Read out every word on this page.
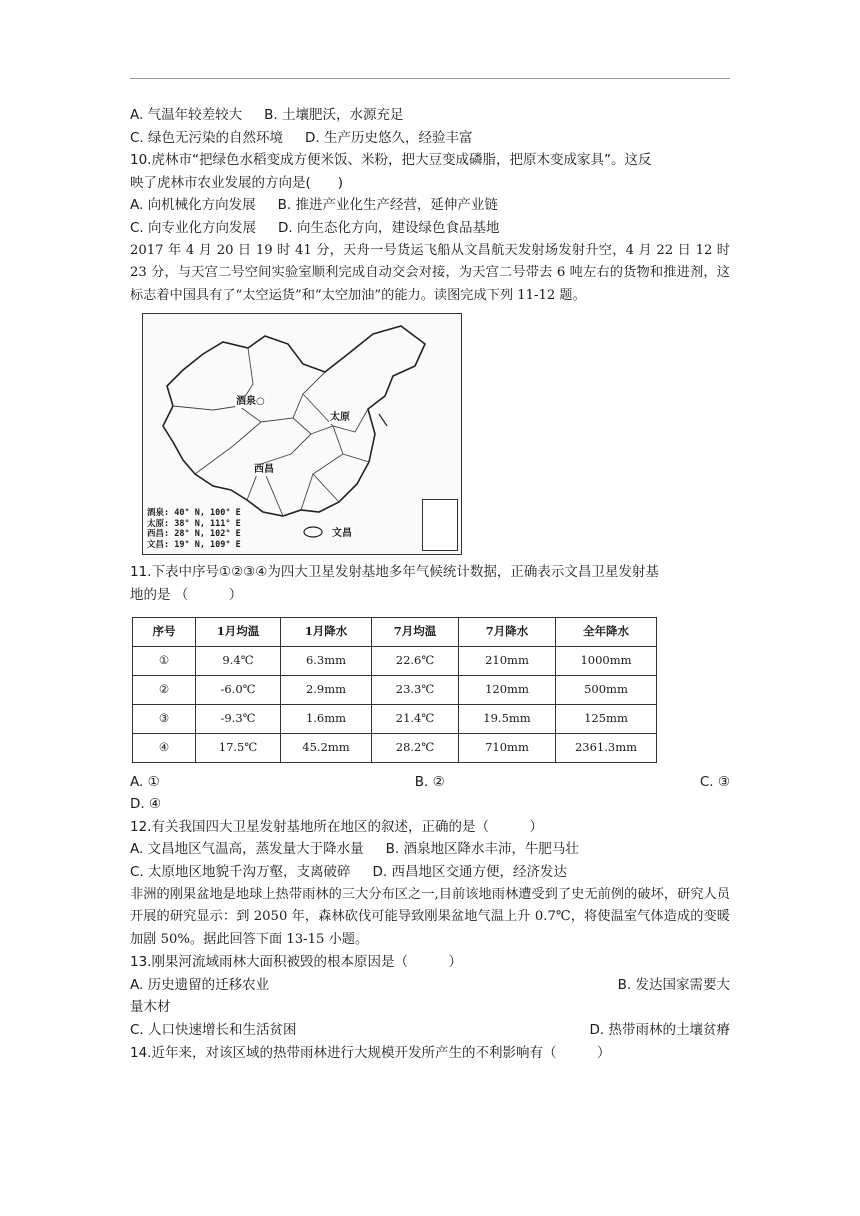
A. 气温年较差较大 B. 土壤肥沃，水源充足
C. 绿色无污染的自然环境 D. 生产历史悠久，经验丰富
10.虎林市“把绿色水稻变成方便米饭、米粉，把大豆变成磷脂，把原木变成家具”。这反
映了虎林市农业发展的方向是(　　)
A. 向机械化方向发展 B. 推进产业化生产经营，延伸产业链
C. 向专业化方向发展 D. 向生态化方向，建设绿色食品基地
2017 年 4 月 20 日 19 时 41 分，天舟一号货运飞船从文昌航天发射场发射升空，4 月 22 日 12 时 23 分，与天宫二号空间实验室顺利完成自动交会对接，为天宫二号带去 6 吨左右的货物和推进剂，这标志着中国具有了“太空运货”和“太空加油”的能力。读图完成下列 11-12 题。
酒泉○
太原
西昌
文昌
酒泉: 40° N, 100° E
太原: 38° N, 111° E
西昌: 28° N, 102° E
文昌: 19° N, 109° E
11.下表中序号①②③④为四大卫星发射基地多年气候统计数据，正确表示文昌卫星发射基
地的是 （　　　）
序号	1月均温	1月降水	7月均温	7月降水	全年降水
①	9.4℃	6.3mm	22.6℃	210mm	1000mm
②	-6.0℃	2.9mm	23.3℃	120mm	500mm
③	-9.3℃	1.6mm	21.4℃	19.5mm	125mm
④	17.5℃	45.2mm	28.2℃	710mm	2361.3mm
A. ①	B. ②	C. ③
D. ④
12.有关我国四大卫星发射基地所在地区的叙述，正确的是（　　　）
A. 文昌地区气温高，蒸发量大于降水量 B. 酒泉地区降水丰沛，牛肥马壮
C. 太原地区地貌千沟万壑，支离破碎 D. 西昌地区交通方便，经济发达
非洲的刚果盆地是地球上热带雨林的三大分布区之一,目前该地雨林遭受到了史无前例的破坏，研究人员开展的研究显示：到 2050 年，森林砍伐可能导致刚果盆地气温上升 0.7℃，将使温室气体造成的变暖加剧 50%。据此回答下面 13-15 小题。
13.刚果河流域雨林大面积被毁的根本原因是（　　　）
A. 历史遗留的迁移农业	B. 发达国家需要大
量木材
C. 人口快速增长和生活贫困	D. 热带雨林的土壤贫瘠
14.近年来，对该区域的热带雨林进行大规模开发所产生的不利影响有（　　　）
